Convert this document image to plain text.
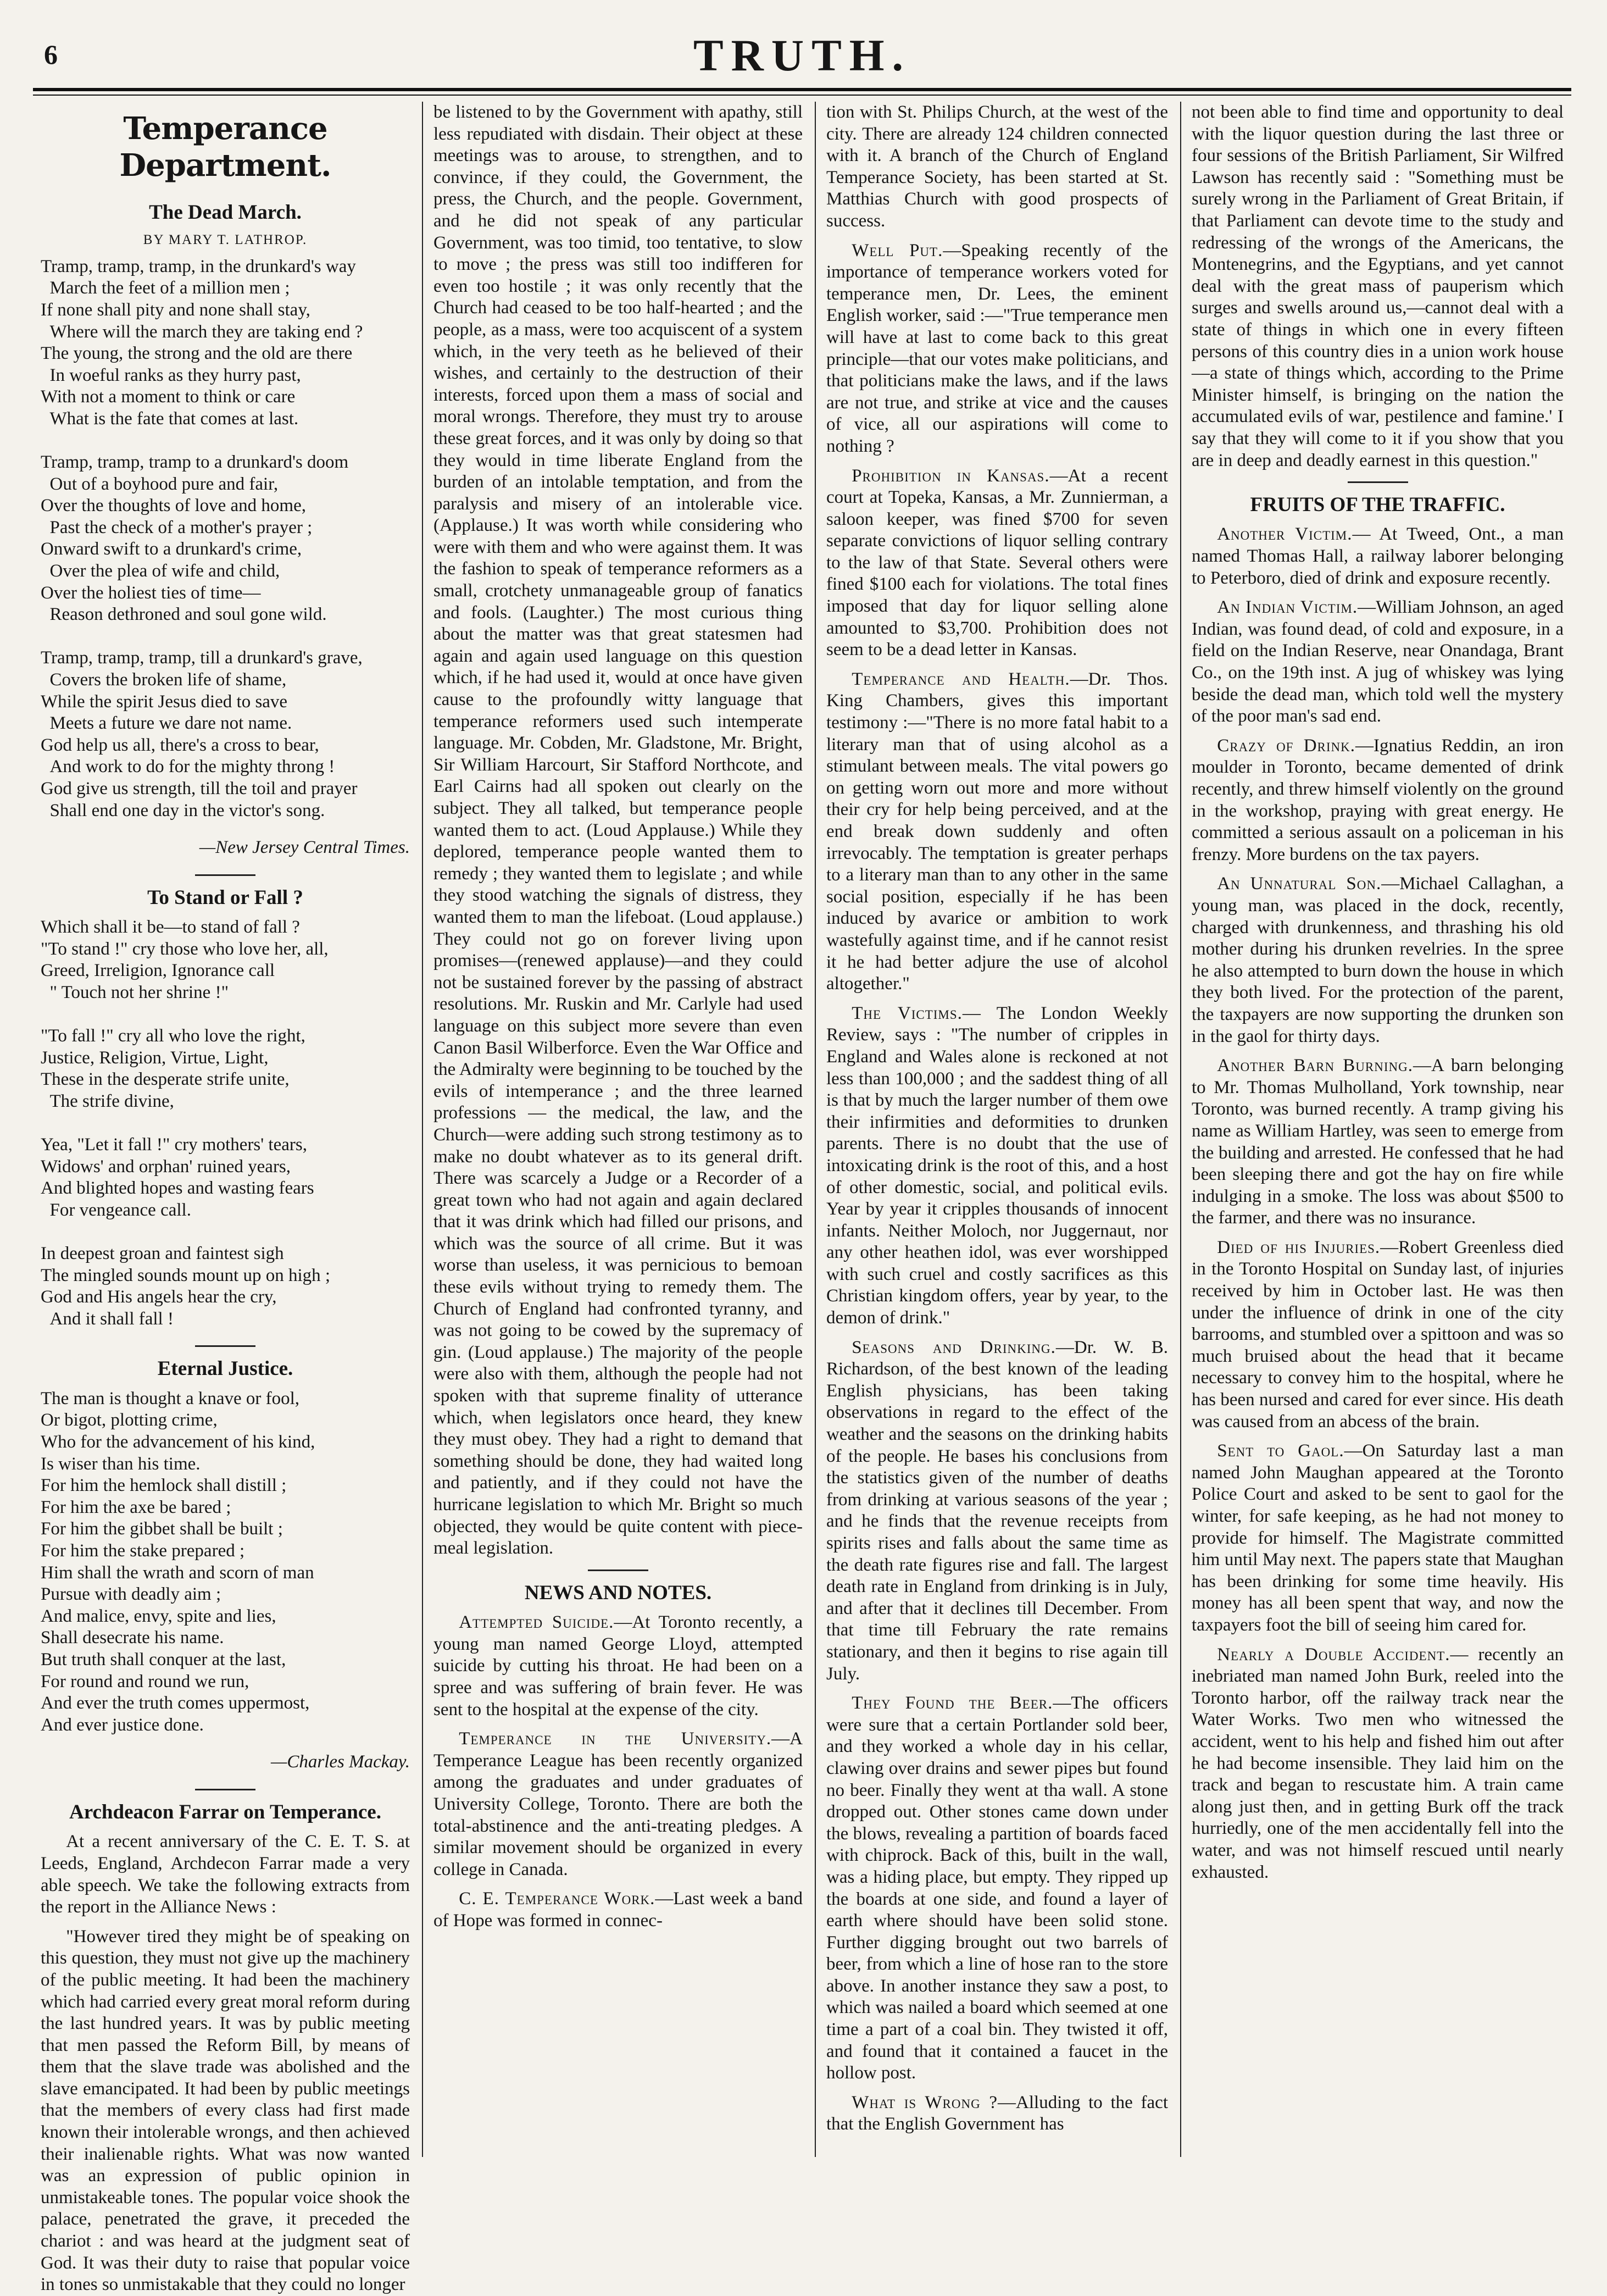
6	TRUTH.
Temperance Department.
The Dead March.
BY MARY T. LATHROP.
Tramp, tramp, tramp, in the drunkard's way
March the feet of a million men ;
If none shall pity and none shall stay,
Where will the march they are taking end ?
The young, the strong and the old are there
In woeful ranks as they hurry past,
With not a moment to think or care
What is the fate that comes at last.

Tramp, tramp, tramp to a drunkard's doom
Out of a boyhood pure and fair,
Over the thoughts of love and home,
Past the check of a mother's prayer ;
Onward swift to a drunkard's crime,
Over the plea of wife and child,
Over the holiest ties of time—
Reason dethroned and soul gone wild.

Tramp, tramp, tramp, till a drunkard's grave,
Covers the broken life of shame,
While the spirit Jesus died to save
Meets a future we dare not name.
God help us all, there's a cross to bear,
And work to do for the mighty throng !
God give us strength, till the toil and prayer
Shall end one day in the victor's song.
—New Jersey Central Times.
To Stand or Fall ?
Which shall it be—to stand of fall ?
"To stand !" cry those who love her, all,
Greed, Irreligion, Ignorance call
" Touch not her shrine !"

"To fall !" cry all who love the right,
Justice, Religion, Virtue, Light,
These in the desperate strife unite,
The strife divine,

Yea, "Let it fall !" cry mothers' tears,
Widows' and orphan' ruined years,
And blighted hopes and wasting fears
For vengeance call.

In deepest groan and faintest sigh
The mingled sounds mount up on high ;
God and His angels hear the cry,
And it shall fall !
Eternal Justice.
The man is thought a knave or fool,
Or bigot, plotting crime,
Who for the advancement of his kind,
Is wiser than his time.
For him the hemlock shall distill ;
For him the axe be bared ;
For him the gibbet shall be built ;
For him the stake prepared ;
Him shall the wrath and scorn of man
Pursue with deadly aim ;
And malice, envy, spite and lies,
Shall desecrate his name.
But truth shall conquer at the last,
For round and round we run,
And ever the truth comes uppermost,
And ever justice done.
—Charles Mackay.
Archdeacon Farrar on Temperance.

At a recent anniversary of the C. E. T. S. at Leeds, England, Archdecon Farrar made a very able speech. We take the following extracts from the report in the Alliance News :

"However tired they might be of speaking on this question, they must not give up the machinery of the public meeting. It had been the machinery which had carried every great moral reform during the last hundred years. It was by public meeting that men passed the Reform Bill, by means of them that the slave trade was abolished and the slave emancipated. It had been by public meetings that the members of every class had first made known their intolerable wrongs, and then achieved their inalienable rights. What was now wanted was an expression of public opinion in unmistakeable tones. The popular voice shook the palace, penetrated the grave, it preceded the chariot : and was heard at the judgment seat of God. It was their duty to raise that popular voice in tones so unmistakable that they could no longer

be listened to by the Government with apathy, still less repudiated with disdain. Their object at these meetings was to arouse, to strengthen, and to convince, if they could, the Government, the press, the Church, and the people. Government, and he did not speak of any particular Government, was too timid, too tentative, to slow to move ; the press was still too indifferen for even too hostile ; it was only recently that the Church had ceased to be too half-hearted ; and the people, as a mass, were too acquiscent of a system which, in the very teeth as he believed of their wishes, and certainly to the destruction of their interests, forced upon them a mass of social and moral wrongs. Therefore, they must try to arouse these great forces, and it was only by doing so that they would in time liberate England from the burden of an intolable temptation, and from the paralysis and misery of an intolerable vice. (Applause.) It was worth while considering who were with them and who were against them. It was the fashion to speak of temperance reformers as a small, crotchety unmanageable group of fanatics and fools. (Laughter.) The most curious thing about the matter was that great statesmen had again and again used language on this question which, if he had used it, would at once have given cause to the profoundly witty language that temperance reformers used such intemperate language. Mr. Cobden, Mr. Gladstone, Mr. Bright, Sir William Harcourt, Sir Stafford Northcote, and Earl Cairns had all spoken out clearly on the subject. They all talked, but temperance people wanted them to act. (Loud Applause.) While they deplored, temperance people wanted them to remedy ; they wanted them to legislate ; and while they stood watching the signals of distress, they wanted them to man the lifeboat. (Loud applause.) They could not go on forever living upon promises—(renewed applause)—and they could not be sustained forever by the passing of abstract resolutions. Mr. Ruskin and Mr. Carlyle had used language on this subject more severe than even Canon Basil Wilberforce. Even the War Office and the Admiralty were beginning to be touched by the evils of intemperance ; and the three learned professions — the medical, the law, and the Church—were adding such strong testimony as to make no doubt whatever as to its general drift. There was scarcely a Judge or a Recorder of a great town who had not again and again declared that it was drink which had filled our prisons, and which was the source of all crime. But it was worse than useless, it was pernicious to bemoan these evils without trying to remedy them. The Church of England had confronted tyranny, and was not going to be cowed by the supremacy of gin. (Loud applause.) The majority of the people were also with them, although the people had not spoken with that supreme finality of utterance which, when legislators once heard, they knew they must obey. They had a right to demand that something should be done, they had waited long and patiently, and if they could not have the hurricane legislation to which Mr. Bright so much objected, they would be quite content with piece-meal legislation.

NEWS AND NOTES.

Attempted Suicide.—At Toronto recently, a young man named George Lloyd, attempted suicide by cutting his throat. He had been on a spree and was suffering of brain fever. He was sent to the hospital at the expense of the city.

Temperance in the University.—A Temperance League has been recently organized among the graduates and under graduates of University College, Toronto. There are both the total-abstinence and the anti-treating pledges. A similar movement should be organized in every college in Canada.

C. E. Temperance Work.—Last week a band of Hope was formed in connec-

tion with St. Philips Church, at the west of the city. There are already 124 children connected with it. A branch of the Church of England Temperance Society, has been started at St. Matthias Church with good prospects of success.

Well Put.—Speaking recently of the importance of temperance workers voted for temperance men, Dr. Lees, the eminent English worker, said :—"True temperance men will have at last to come back to this great principle—that our votes make politicians, and that politicians make the laws, and if the laws are not true, and strike at vice and the causes of vice, all our aspirations will come to nothing ?

Prohibition in Kansas.—At a recent court at Topeka, Kansas, a Mr. Zunnierman, a saloon keeper, was fined $700 for seven separate convictions of liquor selling contrary to the law of that State. Several others were fined $100 each for violations. The total fines imposed that day for liquor selling alone amounted to $3,700. Prohibition does not seem to be a dead letter in Kansas.

Temperance and Health.—Dr. Thos. King Chambers, gives this important testimony :—"There is no more fatal habit to a literary man that of using alcohol as a stimulant between meals. The vital powers go on getting worn out more and more without their cry for help being perceived, and at the end break down suddenly and often irrevocably. The temptation is greater perhaps to a literary man than to any other in the same social position, especially if he has been induced by avarice or ambition to work wastefully against time, and if he cannot resist it he had better adjure the use of alcohol altogether."

The Victims.— The London Weekly Review, says : "The number of cripples in England and Wales alone is reckoned at not less than 100,000 ; and the saddest thing of all is that by much the larger number of them owe their infirmities and deformities to drunken parents. There is no doubt that the use of intoxicating drink is the root of this, and a host of other domestic, social, and political evils. Year by year it cripples thousands of innocent infants. Neither Moloch, nor Juggernaut, nor any other heathen idol, was ever worshipped with such cruel and costly sacrifices as this Christian kingdom offers, year by year, to the demon of drink."

Seasons and Drinking.—Dr. W. B. Richardson, of the best known of the leading English physicians, has been taking observations in regard to the effect of the weather and the seasons on the drinking habits of the people. He bases his conclusions from the statistics given of the number of deaths from drinking at various seasons of the year ; and he finds that the revenue receipts from spirits rises and falls about the same time as the death rate figures rise and fall. The largest death rate in England from drinking is in July, and after that it declines till December. From that time till February the rate remains stationary, and then it begins to rise again till July.

They Found the Beer.—The officers were sure that a certain Portlander sold beer, and they worked a whole day in his cellar, clawing over drains and sewer pipes but found no beer. Finally they went at tha wall. A stone dropped out. Other stones came down under the blows, revealing a partition of boards faced with chiprock. Back of this, built in the wall, was a hiding place, but empty. They ripped up the boards at one side, and found a layer of earth where should have been solid stone. Further digging brought out two barrels of beer, from which a line of hose ran to the store above. In another instance they saw a post, to which was nailed a board which seemed at one time a part of a coal bin. They twisted it off, and found that it contained a faucet in the hollow post.

What is Wrong ?—Alluding to the fact that the English Government has

not been able to find time and opportunity to deal with the liquor question during the last three or four sessions of the British Parliament, Sir Wilfred Lawson has recently said : "Something must be surely wrong in the Parliament of Great Britain, if that Parliament can devote time to the study and redressing of the wrongs of the Americans, the Montenegrins, and the Egyptians, and yet cannot deal with the great mass of pauperism which surges and swells around us,—cannot deal with a state of things in which one in every fifteen persons of this country dies in a union work house—a state of things which, according to the Prime Minister himself, is bringing on the nation the accumulated evils of war, pestilence and famine.' I say that they will come to it if you show that you are in deep and deadly earnest in this question."

FRUITS OF THE TRAFFIC.

Another Victim.— At Tweed, Ont., a man named Thomas Hall, a railway laborer belonging to Peterboro, died of drink and exposure recently.

An Indian Victim.—William Johnson, an aged Indian, was found dead, of cold and exposure, in a field on the Indian Reserve, near Onandaga, Brant Co., on the 19th inst. A jug of whiskey was lying beside the dead man, which told well the mystery of the poor man's sad end.

Crazy of Drink.—Ignatius Reddin, an iron moulder in Toronto, became demented of drink recently, and threw himself violently on the ground in the workshop, praying with great energy. He committed a serious assault on a policeman in his frenzy. More burdens on the tax payers.

An Unnatural Son.—Michael Callaghan, a young man, was placed in the dock, recently, charged with drunkenness, and thrashing his old mother during his drunken revelries. In the spree he also attempted to burn down the house in which they both lived. For the protection of the parent, the taxpayers are now supporting the drunken son in the gaol for thirty days.

Another Barn Burning.—A barn belonging to Mr. Thomas Mulholland, York township, near Toronto, was burned recently. A tramp giving his name as William Hartley, was seen to emerge from the building and arrested. He confessed that he had been sleeping there and got the hay on fire while indulging in a smoke. The loss was about $500 to the farmer, and there was no insurance.

Died of his Injuries.—Robert Greenless died in the Toronto Hospital on Sunday last, of injuries received by him in October last. He was then under the influence of drink in one of the city barrooms, and stumbled over a spittoon and was so much bruised about the head that it became necessary to convey him to the hospital, where he has been nursed and cared for ever since. His death was caused from an abcess of the brain.

Sent to Gaol.—On Saturday last a man named John Maughan appeared at the Toronto Police Court and asked to be sent to gaol for the winter, for safe keeping, as he had not money to provide for himself. The Magistrate committed him until May next. The papers state that Maughan has been drinking for some time heavily. His money has all been spent that way, and now the taxpayers foot the bill of seeing him cared for.

Nearly a Double Accident.— recently an inebriated man named John Burk, reeled into the Toronto harbor, off the railway track near the Water Works. Two men who witnessed the accident, went to his help and fished him out after he had become insensible. They laid him on the track and began to rescustate him. A train came along just then, and in getting Burk off the track hurriedly, one of the men accidentally fell into the water, and was not himself rescued until nearly exhausted.
